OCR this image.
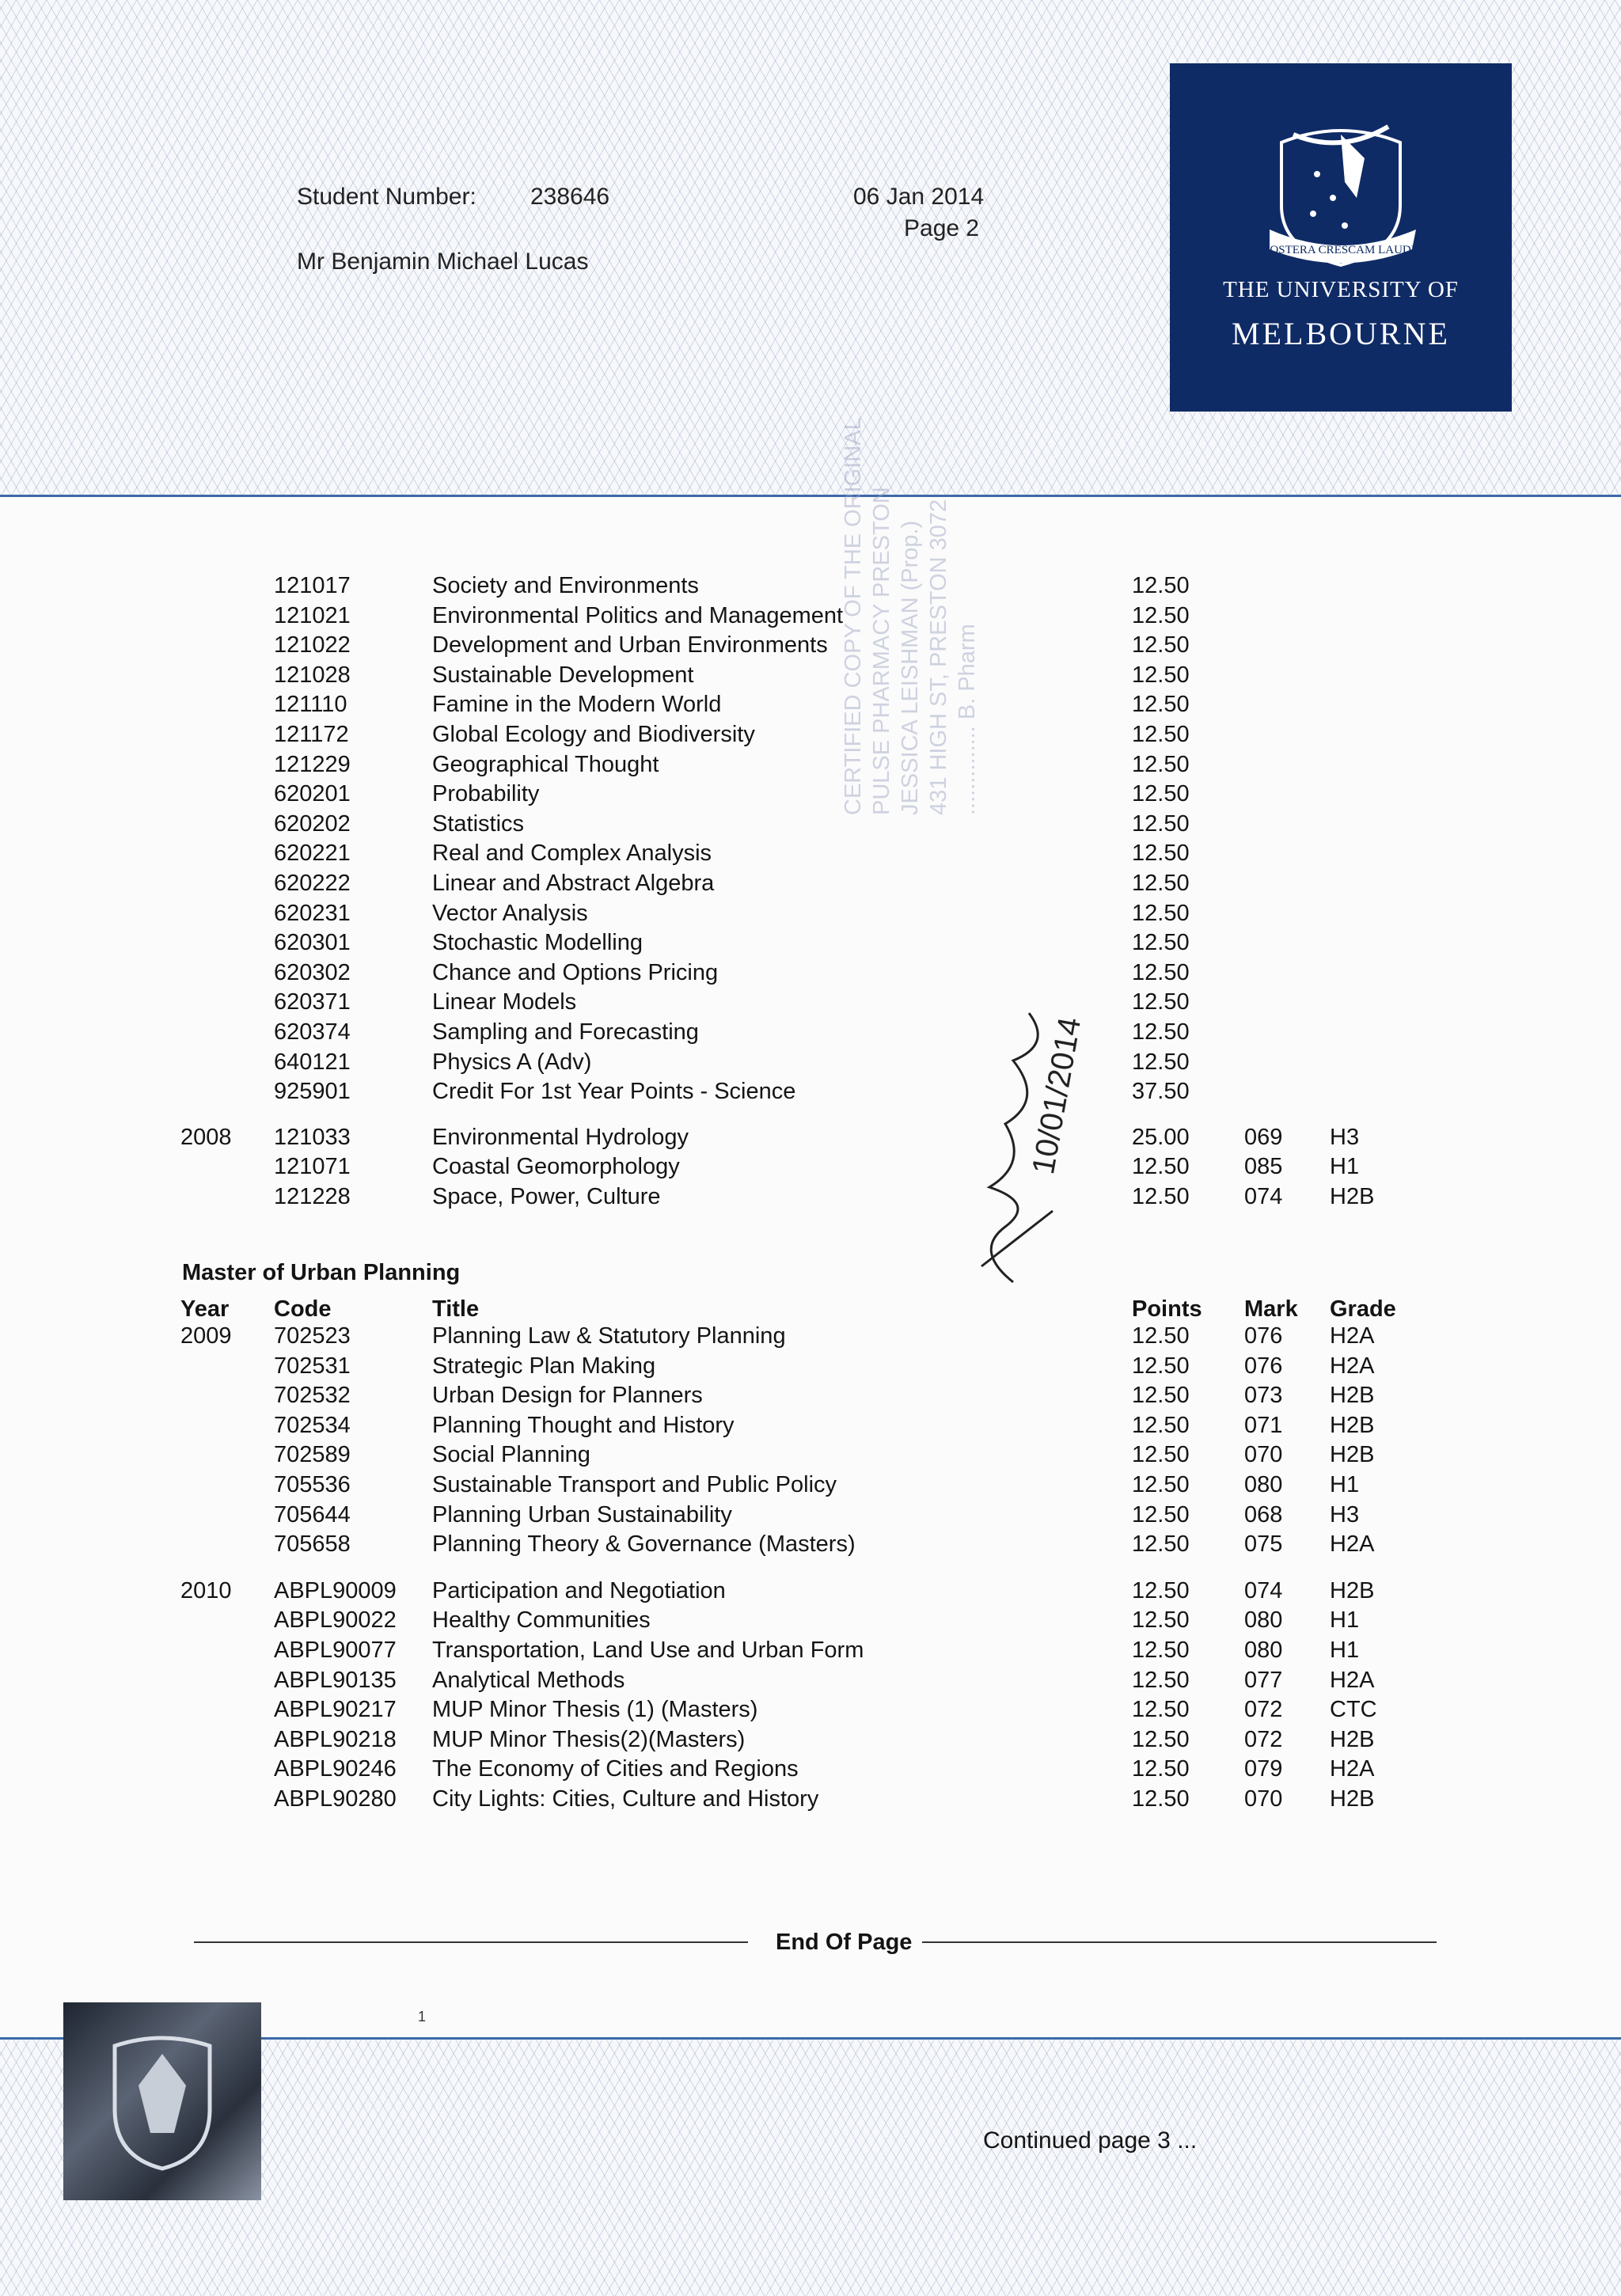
Student Number: 238646	06 Jan 2014
Page 2
Mr Benjamin Michael Lucas	POSTERA CRESCAM LAUDE
THE UNIVERSITY OF
MELBOURNE
121017	Society and Environments	12.50
121021	Environmental Politics and Management	12.50
121022	Development and Urban Environments	12.50
121028	Sustainable Development	12.50
121110	Famine in the Modern World	12.50
121172	Global Ecology and Biodiversity	12.50
121229	Geographical Thought	12.50
620201	Probability	12.50
620202	Statistics	12.50
620221	Real and Complex Analysis	12.50
620222	Linear and Abstract Algebra	12.50
620231	Vector Analysis	12.50
620301	Stochastic Modelling	12.50
620302	Chance and Options Pricing	12.50
620371	Linear Models	12.50
620374	Sampling and Forecasting	12.50
640121	Physics A (Adv)	12.50
925901	Credit For 1st Year Points - Science	37.50
2008 121033	Environmental Hydrology	25.00 069 H3
121071	Coastal Geomorphology	12.50 085 H1
121228	Space, Power, Culture	12.50 074 H2B
Master of Urban Planning
Year Code	Title	Points Mark Grade
2009 702523	Planning Law & Statutory Planning	12.50 076 H2A
702531	Strategic Plan Making	12.50 076 H2A
702532	Urban Design for Planners	12.50 073 H2B
702534	Planning Thought and History	12.50 071 H2B
702589	Social Planning	12.50 070 H2B
705536	Sustainable Transport and Public Policy	12.50 080 H1
705644	Planning Urban Sustainability	12.50 068 H3
705658	Planning Theory & Governance (Masters)	12.50 075 H2A
2010 ABPL90009 Participation and Negotiation	12.50 074 H2B
ABPL90022 Healthy Communities	12.50 080 H1
ABPL90077 Transportation, Land Use and Urban Form	12.50 080 H1
ABPL90135 Analytical Methods	12.50 077 H2A
ABPL90217 MUP Minor Thesis (1) (Masters)	12.50 072 CTC
ABPL90218 MUP Minor Thesis(2)(Masters)	12.50 072 H2B
ABPL90246 The Economy of Cities and Regions	12.50 079 H2A
ABPL90280 City Lights: Cities, Culture and History	12.50 070 H2B
CERTIFIED COPY OF THE ORIGINAL PULSE PHARMACY PRESTON JESSICA LEISHMAN (Prop.) 431 HIGH ST, PRESTON 3072 .............. B. Pharm
10/01/2014
End Of Page
1
Continued page 3 ...
